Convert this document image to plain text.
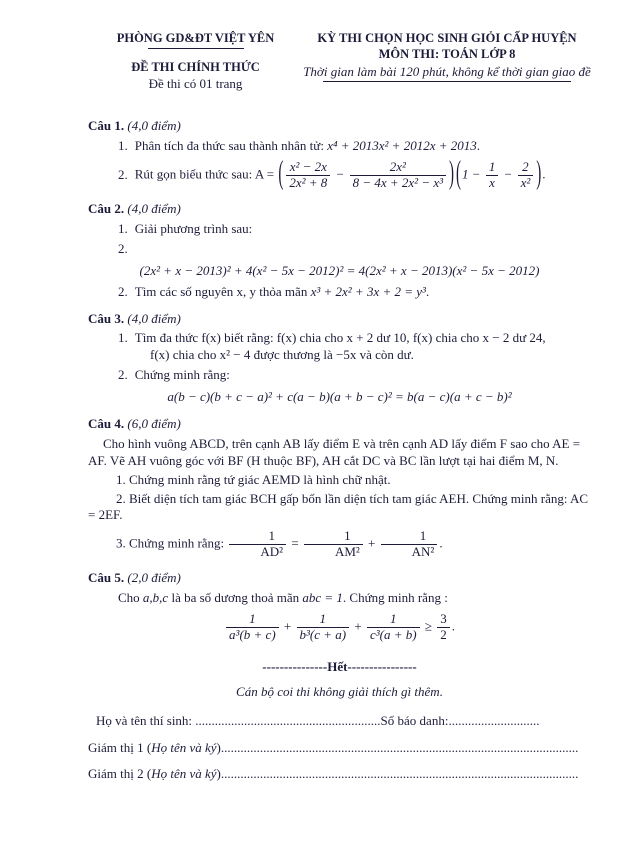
PHÒNG GD&ĐT VIỆT YÊN
ĐỀ THI CHÍNH THỨC
Đề thi có 01 trang
KỲ THI CHỌN HỌC SINH GIỎI CẤP HUYỆN
MÔN THI: TOÁN LỚP 8
Thời gian làm bài 120 phút, không kể thời gian giao đề
Câu 1. (4,0 điểm)
1. Phân tích đa thức sau thành nhân tử: x⁴ + 2013x² + 2012x + 2013.
2. Rút gọn biểu thức sau: A = ( $\frac{\text{x² − 2x}}{\text{2x² + 8}} - \frac{\text{2x²}}{\text{8 − 4x + 2x² − x³}}$ ) ($1 - \frac{1}{x} - \frac{2}{\text{x²}}$ ).
Câu 2. (4,0 điểm)
1. Giải phương trình sau:
2.
(2x² + x − 2013)² + 4(x² − 5x − 2012)² = 4(2x² + x − 2013)(x² − 5x − 2012)
2. Tìm các số nguyên x, y thỏa mãn x³ + 2x² + 3x + 2 = y³.
Câu 3. (4,0 điểm)
1. Tìm đa thức f(x) biết rằng: f(x) chia cho x + 2 dư 10, f(x) chia cho x − 2 dư 24,
f(x) chia cho x² − 4 được thương là −5x và còn dư.
2. Chứng minh rằng:
a(b − c)(b + c − a)² + c(a − b)(a + b − c)² = b(a − c)(a + c − b)²
Câu 4. (6,0 điểm)
Cho hình vuông ABCD, trên cạnh AB lấy điểm E và trên cạnh AD lấy điểm F sao cho AE = AF. Vẽ AH vuông góc với BF (H thuộc BF), AH cắt DC và BC lần lượt tại hai điểm M, N.
1. Chứng minh rằng tứ giác AEMD là hình chữ nhật.
2. Biết diện tích tam giác BCH gấp bốn lần diện tích tam giác AEH. Chứng minh rằng: AC = 2EF.
3. Chứng minh rằng: $\frac{1}{\text{AD²}} = \frac{1}{\text{AM²}} + \frac{1}{\text{AN²}}$ .
Câu 5. (2,0 điểm)
Cho a,b,c là ba số dương thoả mãn abc = 1. Chứng minh rằng :
$\frac{1}{\text{a³(b + c)}} + \frac{1}{\text{b³(c + a)}} + \frac{1}{\text{c³(a + b)}} \ge \frac{3}{2}$ .
---------------Hết----------------
Cán bộ coi thi không giải thích gì thêm.
Họ và tên thí sinh: .........................................................Số báo danh:............................
Giám thị 1 (Họ tên và ký)..............................................................................................................
Giám thị 2 (Họ tên và ký)..............................................................................................................
